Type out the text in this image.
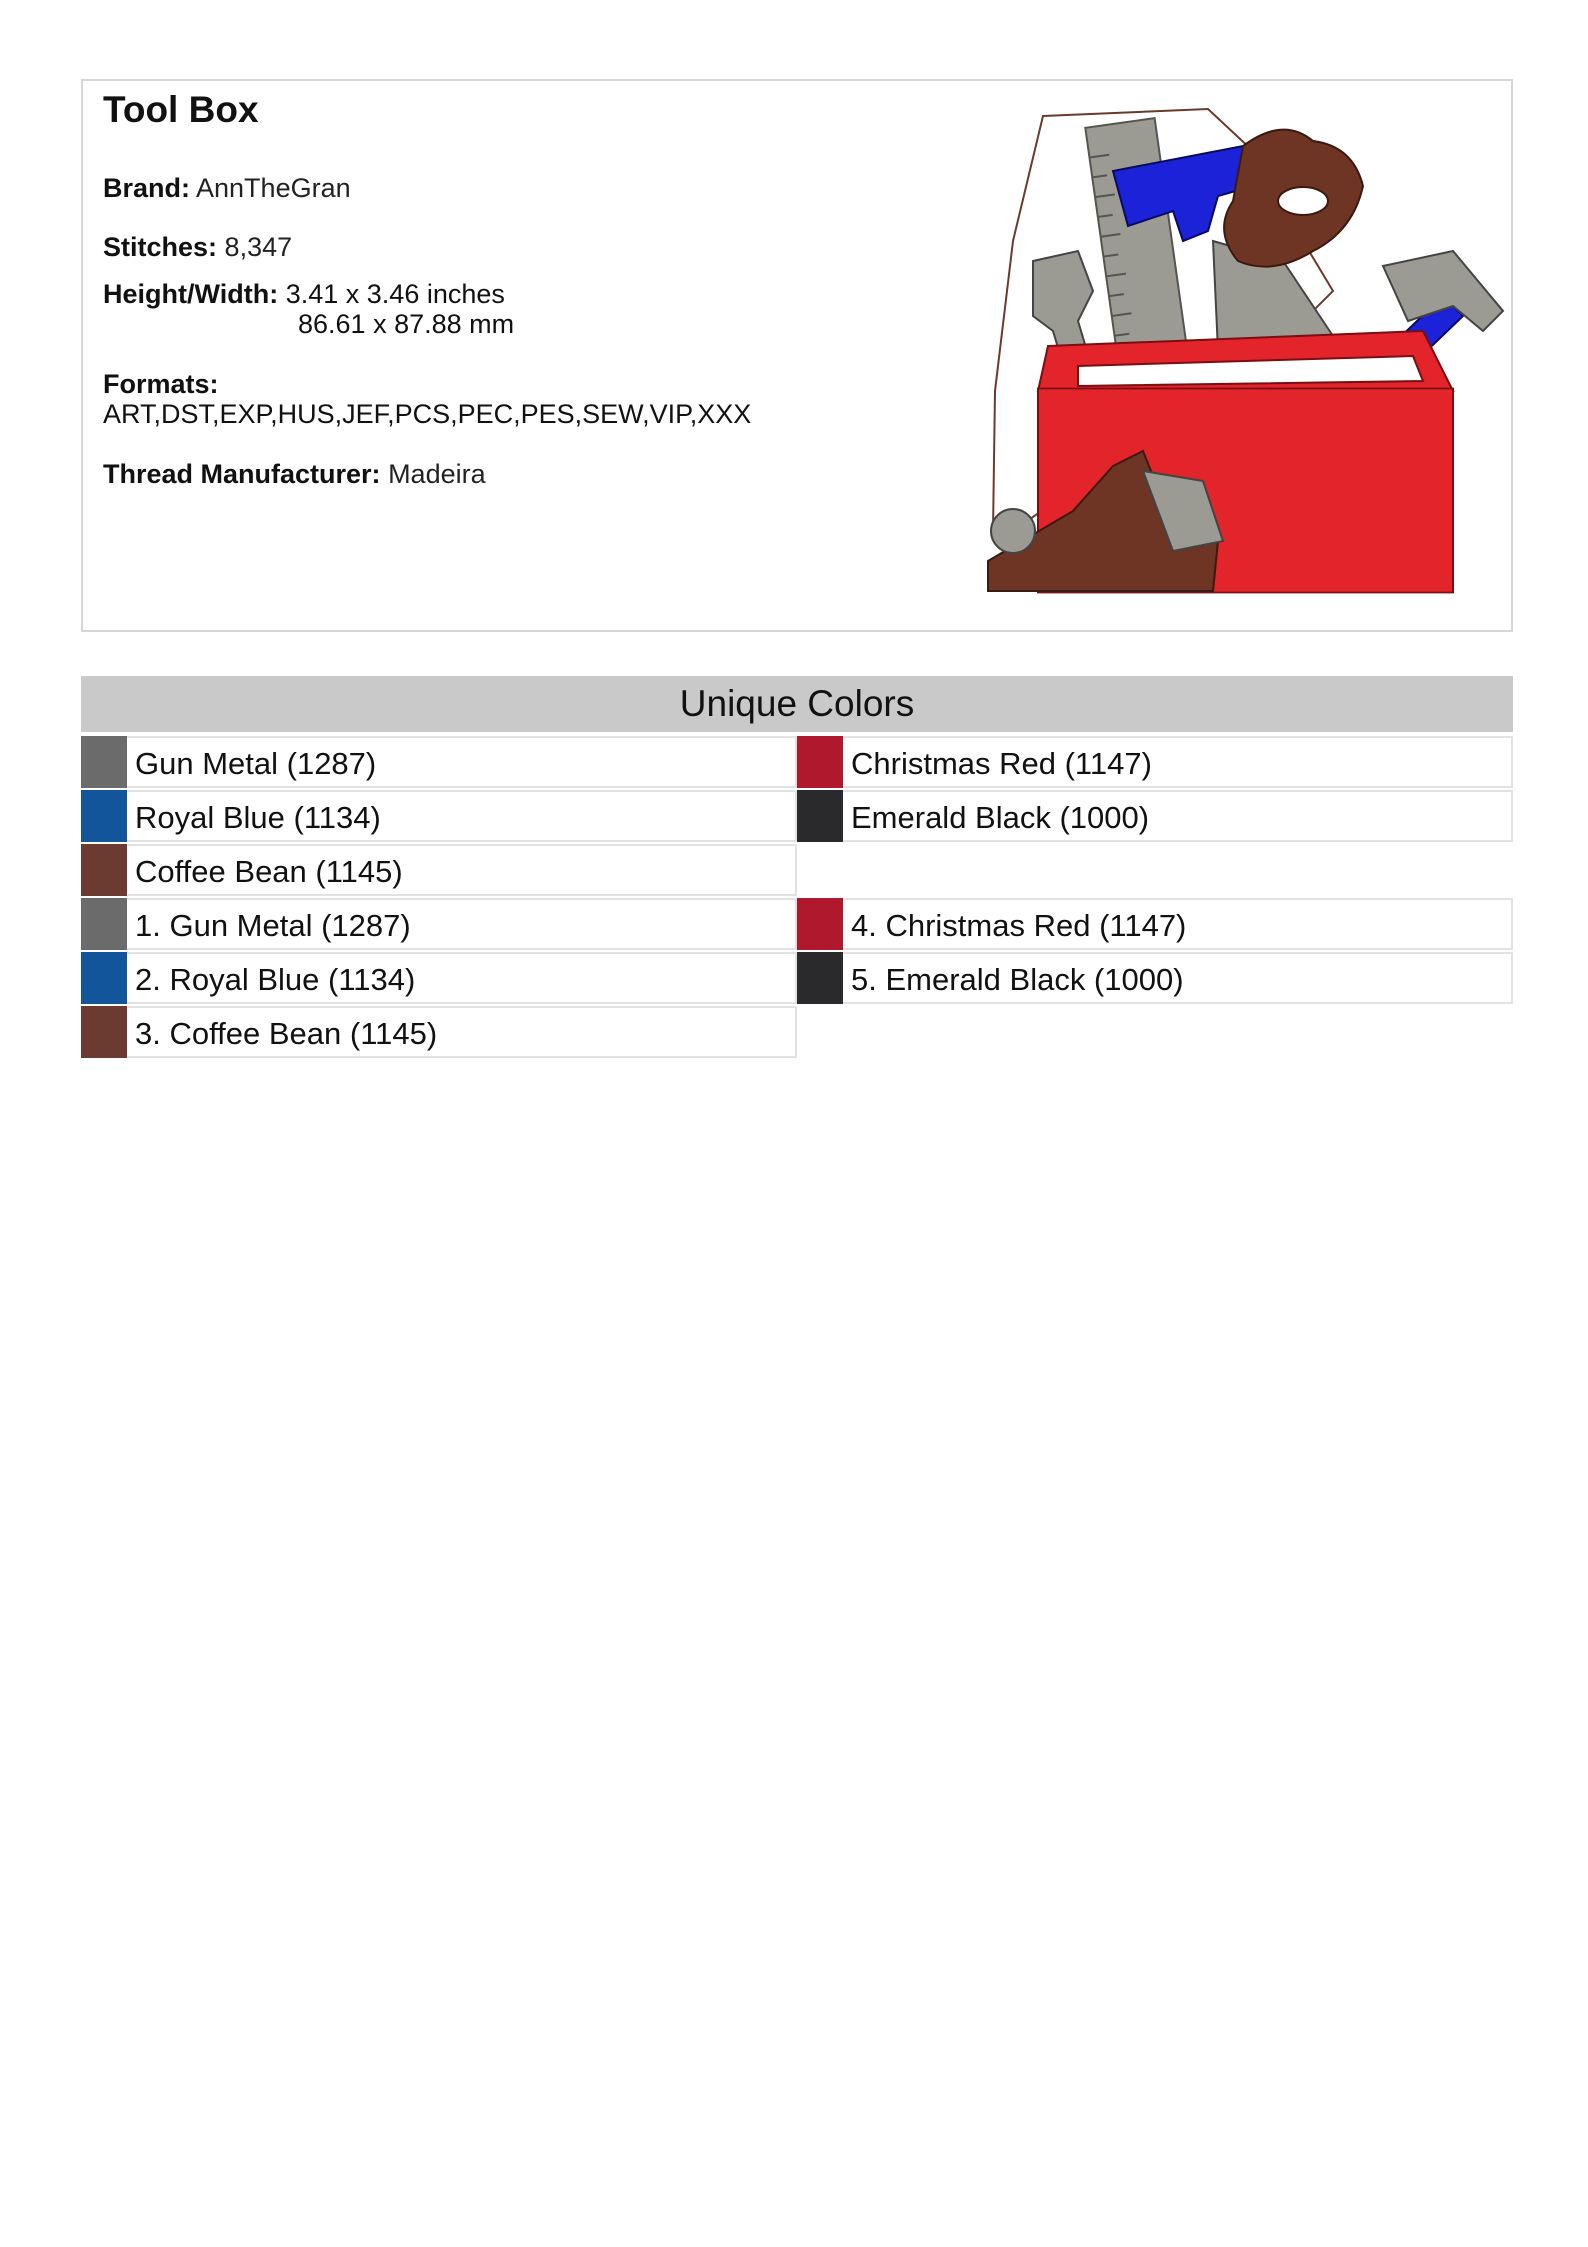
Tool Box
Brand: AnnTheGran
Stitches: 8,347
Height/Width: 3.41 x 3.46 inches
86.61 x 87.88 mm
Formats:
ART,DST,EXP,HUS,JEF,PCS,PEC,PES,SEW,VIP,XXX
Thread Manufacturer: Madeira
Unique Colors
Gun Metal (1287)	Christmas Red (1147)
Royal Blue (1134)	Emerald Black (1000)
Coffee Bean (1145)
1. Gun Metal (1287)	4. Christmas Red (1147)
2. Royal Blue (1134)	5. Emerald Black (1000)
3. Coffee Bean (1145)
